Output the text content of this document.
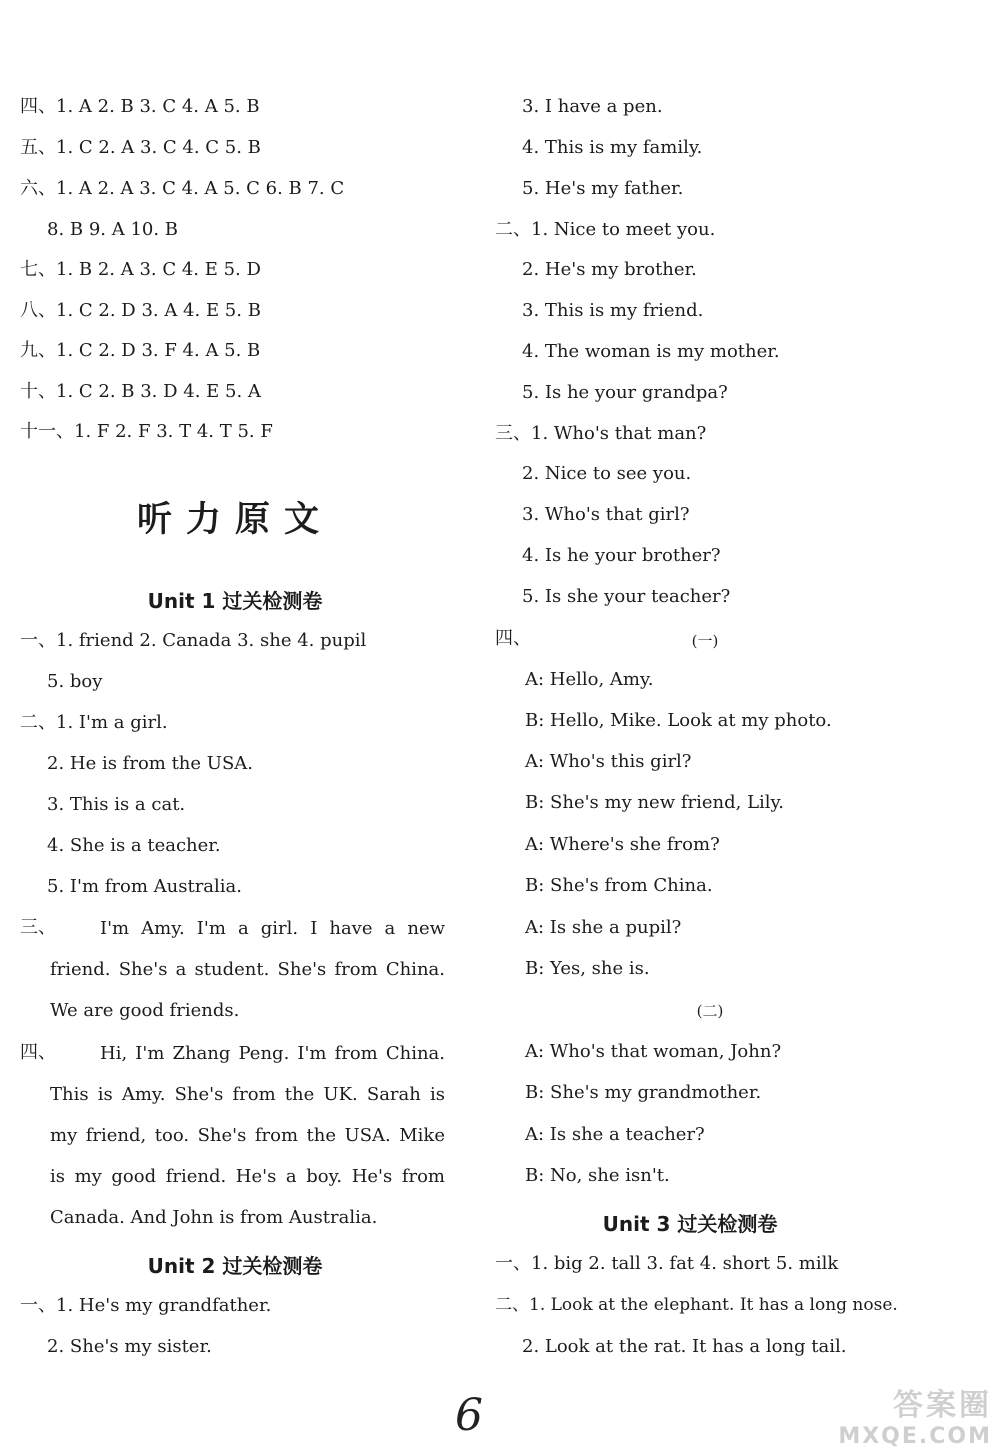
四、1. A 2. B 3. C 4. A 5. B
五、1. C 2. A 3. C 4. C 5. B
六、1. A 2. A 3. C 4. A 5. C 6. B 7. C
8. B 9. A 10. B
七、1. B 2. A 3. C 4. E 5. D
八、1. C 2. D 3. A 4. E 5. B
九、1. C 2. D 3. F 4. A 5. B
十、1. C 2. B 3. D 4. E 5. A
十一、1. F 2. F 3. T 4. T 5. F
听力原文
Unit 1 过关检测卷
一、1. friend 2. Canada 3. she 4. pupil
5. boy
二、1. I'm a girl.
2. He is from the USA.
3. This is a cat.
4. She is a teacher.
5. I'm from Australia.
三、	I'm Amy. I'm a girl. I have a new friend. She's a student. She's from China. We are good friends.
四、	Hi, I'm Zhang Peng. I'm from China. This is Amy. She's from the UK. Sarah is my friend, too. She's from the USA. Mike is my good friend. He's a boy. He's from Canada. And John is from Australia.
Unit 2 过关检测卷
一、1. He's my grandfather.
2. She's my sister.
3. I have a pen.
4. This is my family.
5. He's my father.
二、1. Nice to meet you.
2. He's my brother.
3. This is my friend.
4. The woman is my mother.
5. Is he your grandpa?
三、1. Who's that man?
2. Nice to see you.
3. Who's that girl?
4. Is he your brother?
5. Is she your teacher?
四、	(一)
A: Hello, Amy.
B: Hello, Mike. Look at my photo.
A: Who's this girl?
B: She's my new friend, Lily.
A: Where's she from?
B: She's from China.
A: Is she a pupil?
B: Yes, she is.
(二)
A: Who's that woman, John?
B: She's my grandmother.
A: Is she a teacher?
B: No, she isn't.
Unit 3 过关检测卷
一、1. big 2. tall 3. fat 4. short 5. milk
二、1. Look at the elephant. It has a long nose.
2. Look at the rat. It has a long tail.
6	答案圈
MXQE.COM
